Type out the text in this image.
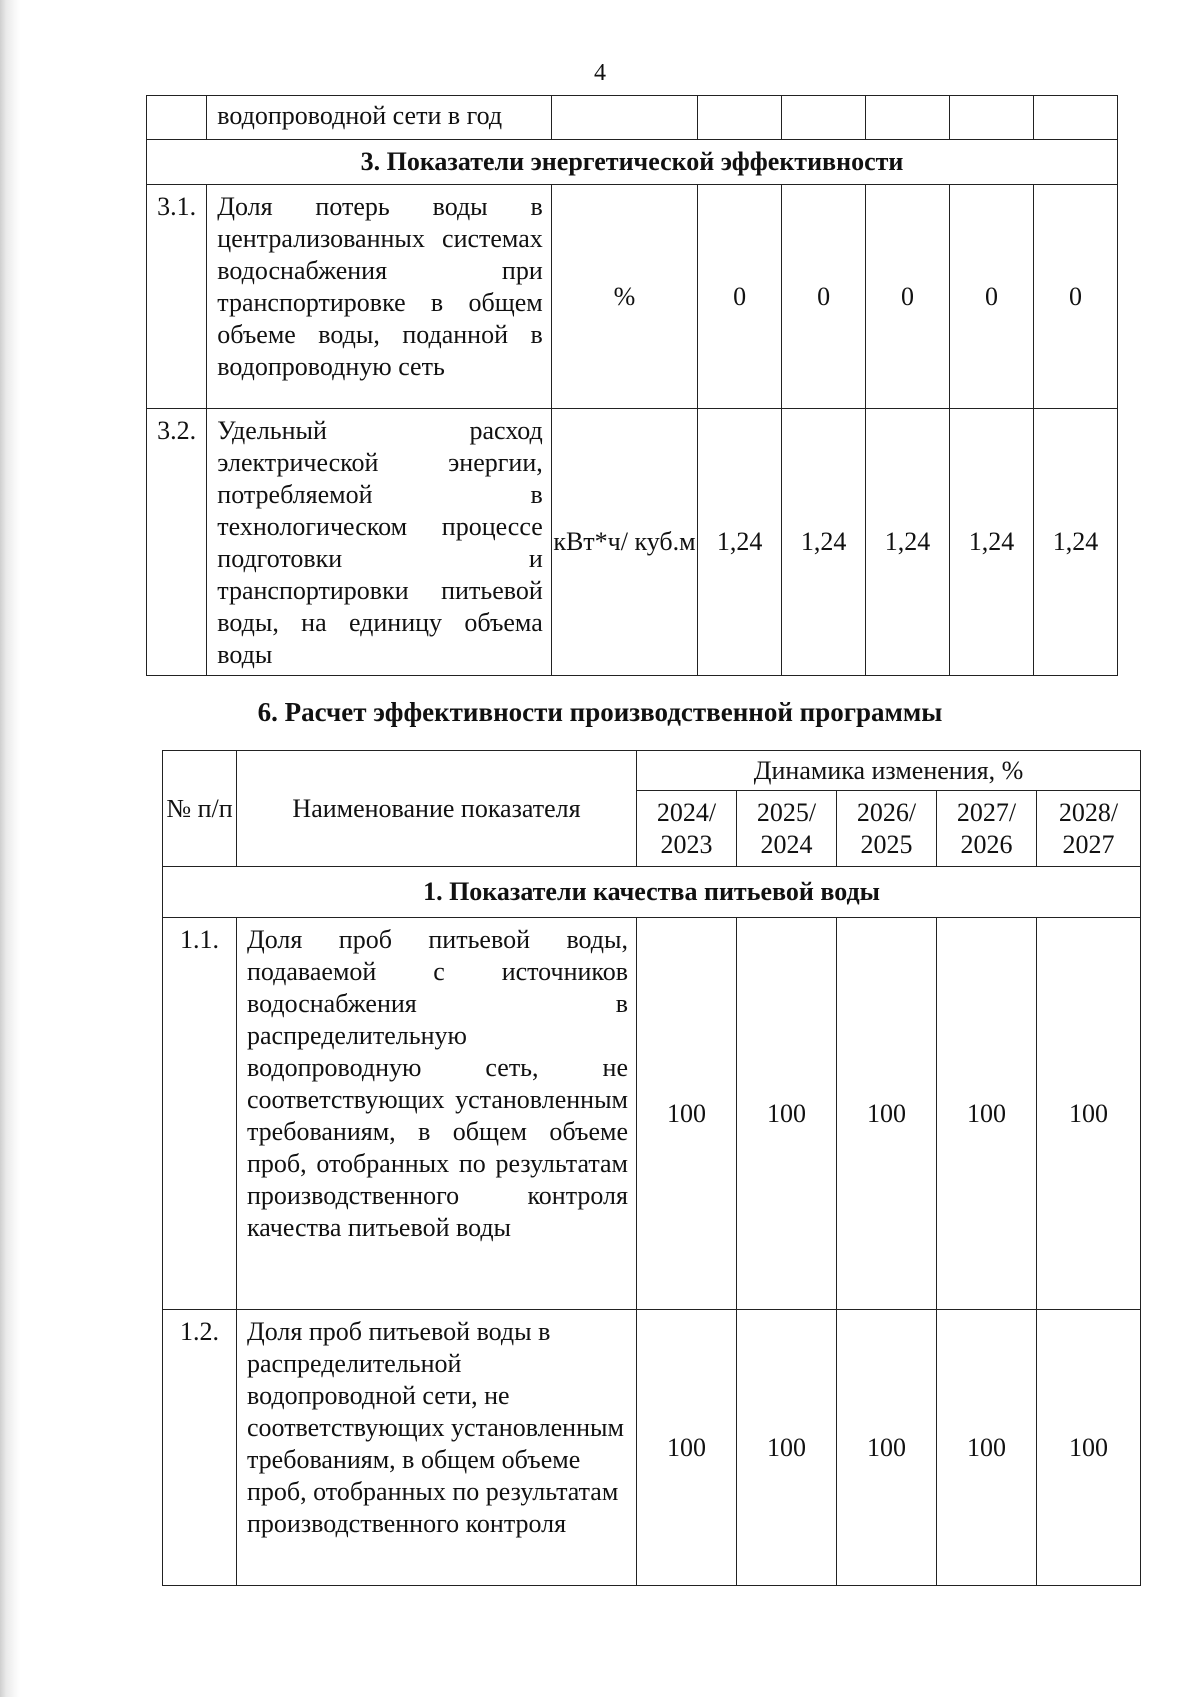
4
	водопроводной сети в год						
3. Показатели энергетической эффективности							
3.1.	Доля потерь воды в централизованных системах водоснабжения при транспортировке в общем объеме воды, поданной в водопроводную сеть	%	0	0	0	0	0
3.2.	Удельный расход электрической энергии, потребляемой в технологическом процессе подготовки и транспортировки питьевой воды, на единицу объема воды	кВт*ч/ куб.м	1,24	1,24	1,24	1,24	1,24
6. Расчет эффективности производственной программы
№ п/п	Наименование показателя	Динамика изменения, %				
		2024/ 2023	2025/ 2024	2026/ 2025	2027/ 2026	2028/ 2027
1. Показатели качества питьевой воды						
1.1.	Доля проб питьевой воды, подаваемой с источников водоснабжения в распределительную водопроводную сеть, не соответствующих установленным требованиям, в общем объеме проб, отобранных по результатам производственного контроля качества питьевой воды	100	100	100	100	100
1.2.	Доля проб питьевой воды в распределительной водопроводной сети, не соответствующих установленным требованиям, в общем объеме проб, отобранных по результатам производственного контроля	100	100	100	100	100
